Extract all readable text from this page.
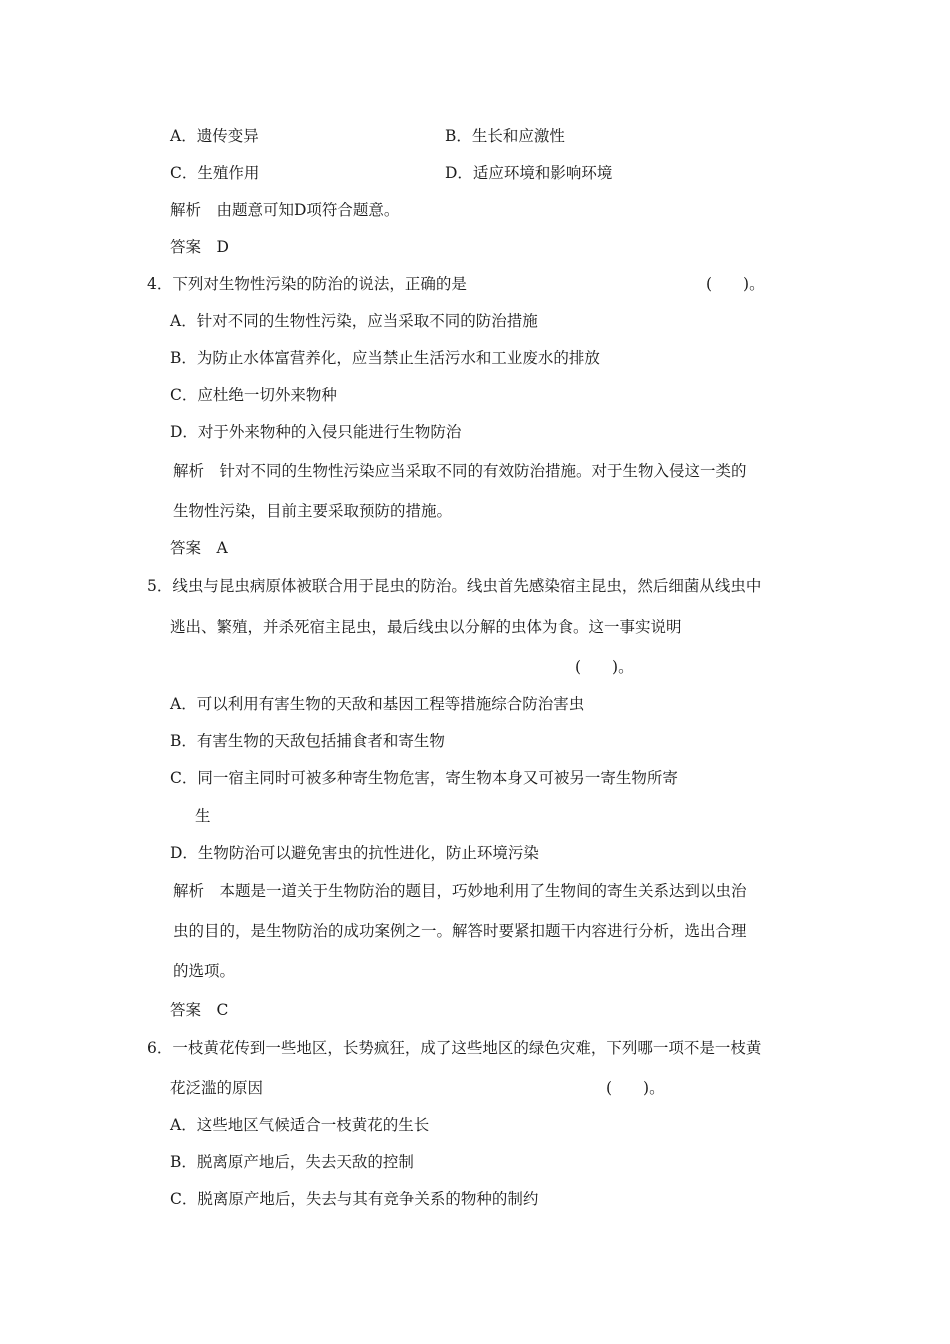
A．遗传变异	B．生长和应激性
C．生殖作用	D．适应环境和影响环境
解析　由题意可知D项符合题意。
答案　D
4．下列对生物性污染的防治的说法，正确的是	(　　)。
A．针对不同的生物性污染，应当采取不同的防治措施
B．为防止水体富营养化，应当禁止生活污水和工业废水的排放
C．应杜绝一切外来物种
D．对于外来物种的入侵只能进行生物防治
解析　针对不同的生物性污染应当采取不同的有效防治措施。对于生物入侵这一类的
生物性污染，目前主要采取预防的措施。
答案　A
5．线虫与昆虫病原体被联合用于昆虫的防治。线虫首先感染宿主昆虫，然后细菌从线虫中
逃出、繁殖，并杀死宿主昆虫，最后线虫以分解的虫体为食。这一事实说明
(　　)。
A．可以利用有害生物的天敌和基因工程等措施综合防治害虫
B．有害生物的天敌包括捕食者和寄生物
C．同一宿主同时可被多种寄生物危害，寄生物本身又可被另一寄生物所寄
生
D．生物防治可以避免害虫的抗性进化，防止环境污染
解析　本题是一道关于生物防治的题目，巧妙地利用了生物间的寄生关系达到以虫治
虫的目的，是生物防治的成功案例之一。解答时要紧扣题干内容进行分析，选出合理
的选项。
答案　C
6．一枝黄花传到一些地区，长势疯狂，成了这些地区的绿色灾难，下列哪一项不是一枝黄
花泛滥的原因	(　　)。
A．这些地区气候适合一枝黄花的生长
B．脱离原产地后，失去天敌的控制
C．脱离原产地后，失去与其有竞争关系的物种的制约
